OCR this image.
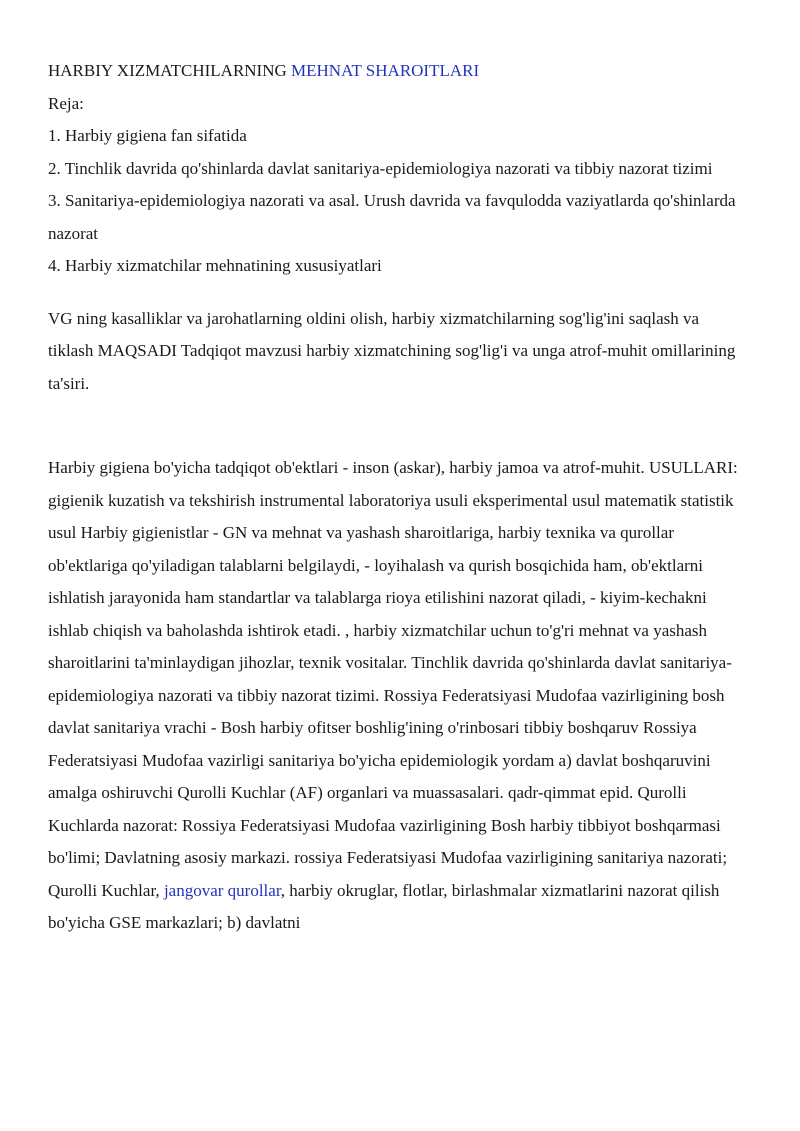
HARBIY XIZMATCHILARNING MEHNAT SHAROITLARI

Reja:

1. Harbiy gigiena fan sifatida

2. Tinchlik davrida qo'shinlarda davlat sanitariya-epidemiologiya nazorati va tibbiy nazorat tizimi

3. Sanitariya-epidemiologiya nazorati va asal. Urush davrida va favqulodda vaziyatlarda qo'shinlarda nazorat

4. Harbiy xizmatchilar mehnatining xususiyatlari

VG ning kasalliklar va jarohatlarning oldini olish, harbiy xizmatchilarning sog'lig'ini saqlash va tiklash MAQSADI Tadqiqot mavzusi harbiy xizmatchining sog'lig'i va unga atrof-muhit omillarining ta'siri.

Harbiy gigiena bo'yicha tadqiqot ob'ektlari - inson (askar), harbiy jamoa va atrof-muhit. USULLARI: gigienik kuzatish va tekshirish instrumental laboratoriya usuli eksperimental usul matematik statistik usul Harbiy gigienistlar - GN va mehnat va yashash sharoitlariga, harbiy texnika va qurollar ob'ektlariga qo'yiladigan talablarni belgilaydi, - loyihalash va qurish bosqichida ham, ob'ektlarni ishlatish jarayonida ham standartlar va talablarga rioya etilishini nazorat qiladi, - kiyim-kechakni ishlab chiqish va baholashda ishtirok etadi. , harbiy xizmatchilar uchun to'g'ri mehnat va yashash sharoitlarini ta'minlaydigan jihozlar, texnik vositalar. Tinchlik davrida qo'shinlarda davlat sanitariya-epidemiologiya nazorati va tibbiy nazorat tizimi. Rossiya Federatsiyasi Mudofaa vazirligining bosh davlat sanitariya vrachi - Bosh harbiy ofitser boshlig'ining o'rinbosari tibbiy boshqaruv Rossiya Federatsiyasi Mudofaa vazirligi sanitariya bo'yicha epidemiologik yordam a) davlat boshqaruvini amalga oshiruvchi Qurolli Kuchlar (AF) organlari va muassasalari. qadr-qimmat epid. Qurolli Kuchlarda nazorat: Rossiya Federatsiyasi Mudofaa vazirligining Bosh harbiy tibbiyot boshqarmasi bo'limi; Davlatning asosiy markazi. rossiya Federatsiyasi Mudofaa vazirligining sanitariya nazorati; Qurolli Kuchlar, jangovar qurollar, harbiy okruglar, flotlar, birlashmalar xizmatlarini nazorat qilish bo'yicha GSE markazlari; b) davlatni
